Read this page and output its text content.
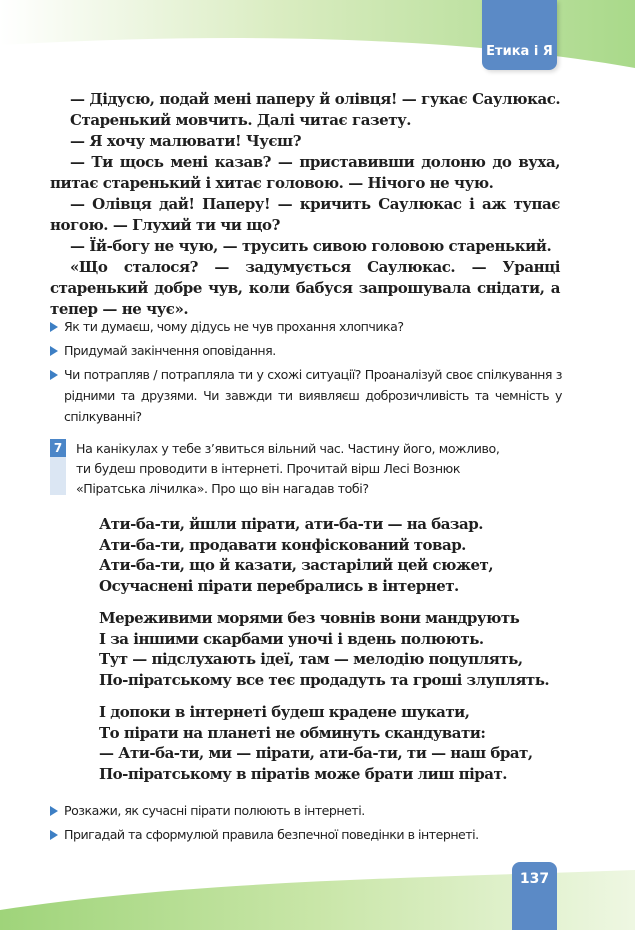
Етика і Я

— Дідусю, подай мені паперу й олівця! — гукає Саулюкас.

Старенький мовчить. Далі читає газету.

— Я хочу малювати! Чуєш?

— Ти щось мені казав? — приставивши долоню до вуха, питає старенький і хитає головою. — Нічого не чую.

— Олівця дай! Паперу! — кричить Саулюкас і аж тупає ногою. — Глухий ти чи що?

— Їй-богу не чую, — трусить сивою головою старенький.

«Що сталося? — задумується Саулюкас. — Уранці старенький добре чув, коли бабуся запрошувала снідати, а тепер — не чує».

Як ти думаєш, чому дідусь не чув прохання хлопчика?
Придумай закінчення оповідання.
Чи потрапляв / потрапляла ти у схожі ситуації? Проаналізуй своє спілкування з рідними та друзями. Чи завжди ти виявляєш доброзичливість та чемність у спілкуванні?
7	На канікулах у тебе з’явиться вільний час. Частину його, можливо,
ти будеш проводити в інтернеті. Прочитай вірш Лесі Вознюк
«Піратська лічилка». Про що він нагадав тобі?
Ати-ба-ти, йшли пірати, ати-ба-ти — на базар.
Ати-ба-ти, продавати конфіскований товар.
Ати-ба-ти, що й казати, застарілий цей сюжет,
Осучаснені пірати перебрались в інтернет.
Мереживими морями без човнів вони мандрують
І за іншими скарбами уночі і вдень полюють.
Тут — підслухають ідеї, там — мелодію поцуплять,
По-піратському все теє продадуть та гроші злуплять.
І допоки в інтернеті будеш крадене шукати,
То пірати на планеті не обминуть скандувати:
— Ати-ба-ти, ми — пірати, ати-ба-ти, ти — наш брат,
По-піратському в піратів може брати лиш пірат.
Розкажи, як сучасні пірати полюють в інтернеті.
Пригадай та сформулюй правила безпечної поведінки в інтернеті.
137
